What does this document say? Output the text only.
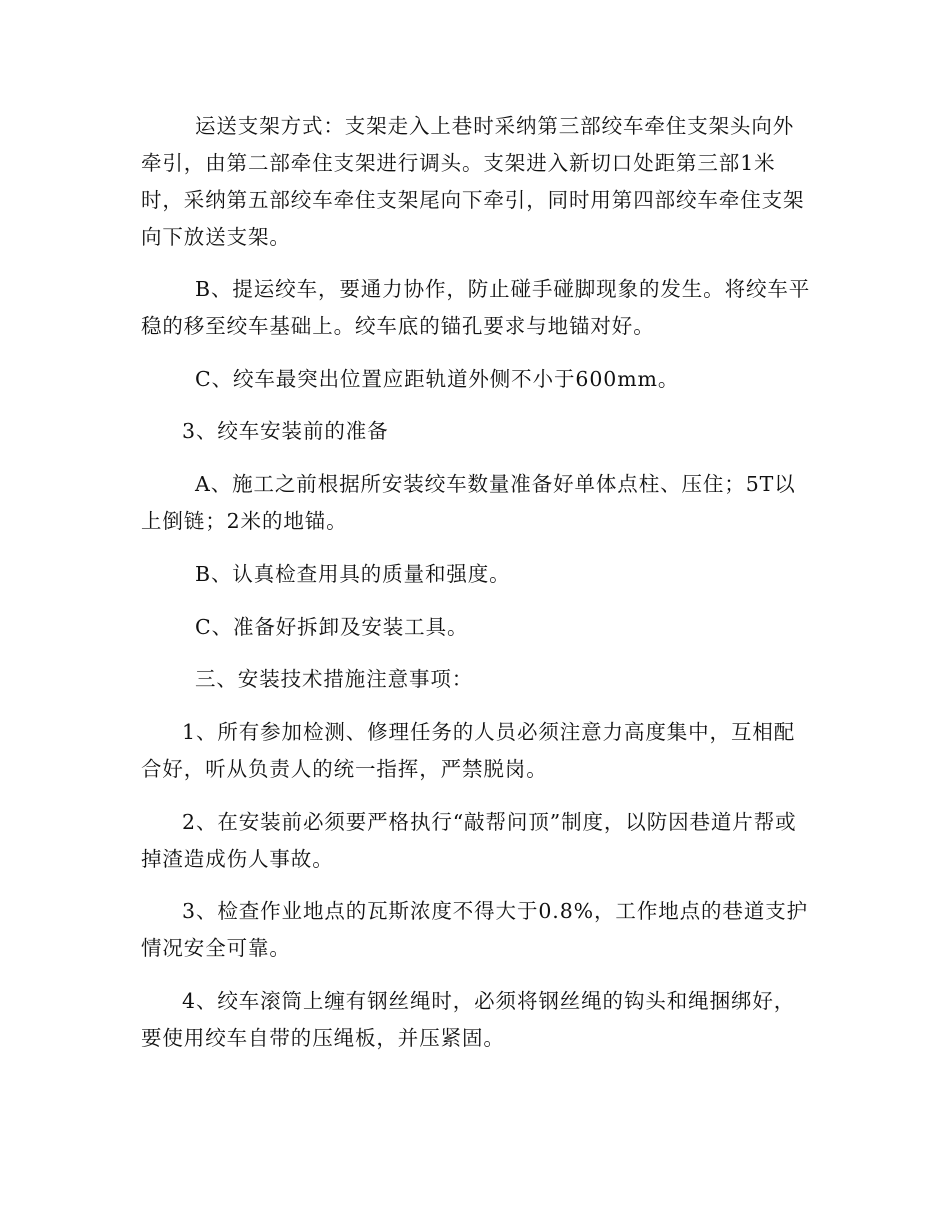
运送支架方式：支架走入上巷时采纳第三部绞车牵住支架头向外牵引，由第二部牵住支架进行调头。支架进入新切口处距第三部1米时，采纳第五部绞车牵住支架尾向下牵引，同时用第四部绞车牵住支架向下放送支架。

B、提运绞车，要通力协作，防止碰手碰脚现象的发生。将绞车平稳的移至绞车基础上。绞车底的锚孔要求与地锚对好。

C、绞车最突出位置应距轨道外侧不小于600mm。

3、绞车安装前的准备

A、施工之前根据所安装绞车数量准备好单体点柱、压住；5T以上倒链；2米的地锚。

B、认真检查用具的质量和强度。

C、准备好拆卸及安装工具。

三、安装技术措施注意事项：

1、所有参加检测、修理任务的人员必须注意力高度集中，互相配合好，听从负责人的统一指挥，严禁脱岗。

2、在安装前必须要严格执行“敲帮问顶”制度，以防因巷道片帮或掉渣造成伤人事故。

3、检查作业地点的瓦斯浓度不得大于0.8%，工作地点的巷道支护情况安全可靠。

4、绞车滚筒上缠有钢丝绳时，必须将钢丝绳的钩头和绳捆绑好，要使用绞车自带的压绳板，并压紧固。
